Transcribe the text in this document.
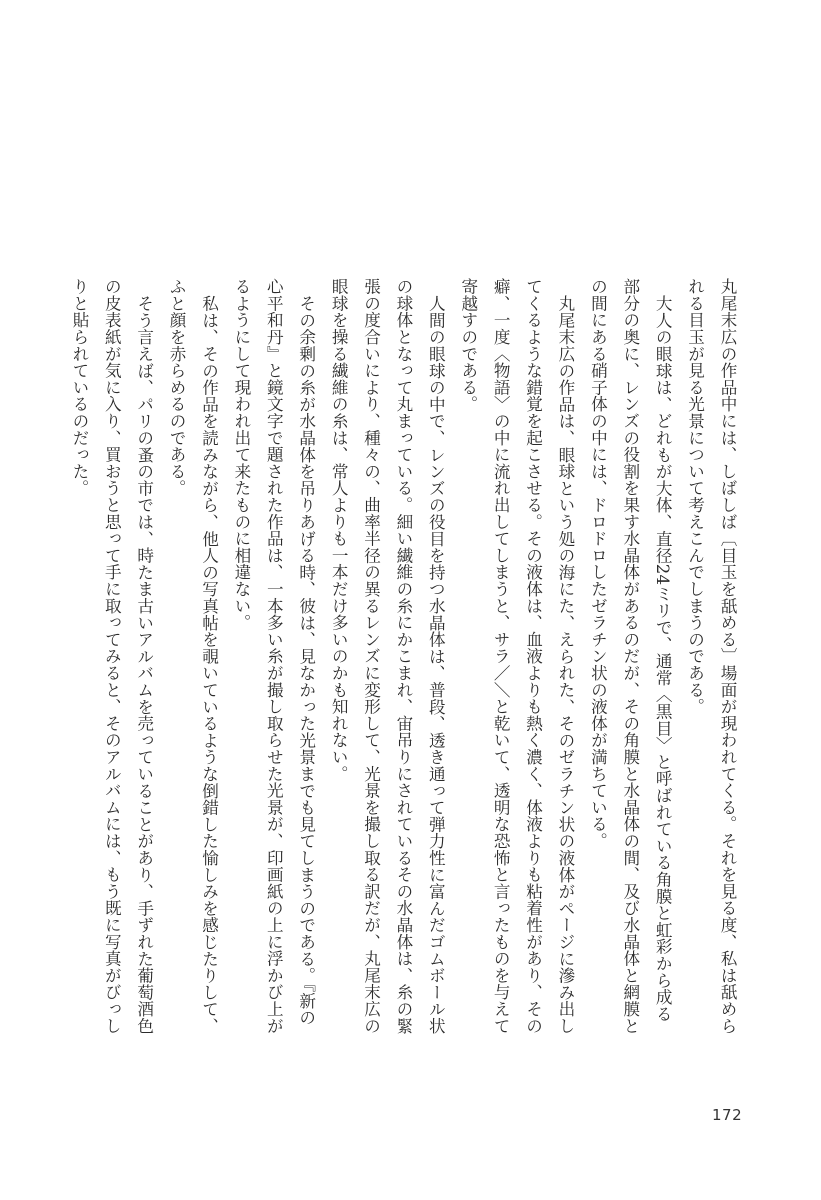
丸尾末広の作品中には、しばしば〔目玉を舐める〕場面が現われてくる。それを見る度、私は舐められる目玉が見る光景について考えこんでしまうのである。

大人の眼球は、どれもが大体、直径24ミリで、通常〈黒目〉と呼ばれている角膜と虹彩から成る部分の奥に、レンズの役割を果す水晶体があるのだが、その角膜と水晶体の間、及び水晶体と網膜との間にある硝子体の中には、ドロドロしたゼラチン状の液体が満ちている。

丸尾末広の作品は、眼球という処の海にた、えられた、そのゼラチン状の液体がページに滲み出してくるような錯覚を起こさせる。その液体は、血液よりも熱く濃く、体液よりも粘着性があり、その癖、一度〈物語〉の中に流れ出してしまうと、サラ／＼と乾いて、透明な恐怖と言ったものを与えて寄越すのである。

人間の眼球の中で、レンズの役目を持つ水晶体は、普段、透き通って弾力性に富んだゴムボール状の球体となって丸まっている。細い繊維の糸にかこまれ、宙吊りにされているその水晶体は、糸の緊張の度合いにより、種々の、曲率半径の異るレンズに変形して、光景を撮し取る訳だが、丸尾末広の眼球を操る繊維の糸は、常人よりも一本だけ多いのかも知れない。

その余剰の糸が水晶体を吊りあげる時、彼は、見なかった光景までも見てしまうのである。『新の心平和丹』と鏡文字で題された作品は、一本多い糸が撮し取らせた光景が、印画紙の上に浮かび上がるようにして現われ出て来たものに相違ない。

私は、その作品を読みながら、他人の写真帖を覗いているような倒錯した愉しみを感じたりして、ふと顔を赤らめるのである。

そう言えば、パリの蚤の市では、時たま古いアルバムを売っていることがあり、手ずれた葡萄酒色の皮表紙が気に入り、買おうと思って手に取ってみると、そのアルバムには、もう既に写真がびっしりと貼られているのだった。

172
